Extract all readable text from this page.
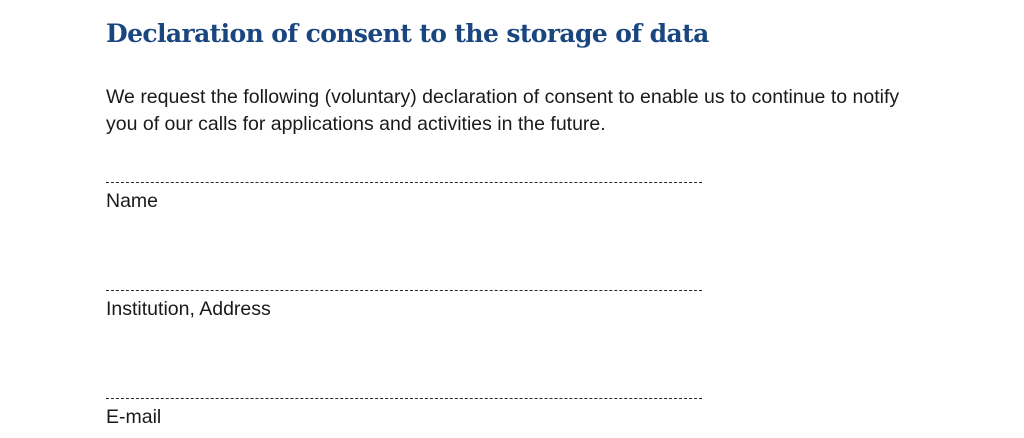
Declaration of consent to the storage of data

We request the following (voluntary) declaration of consent to enable us to continue to notify you of our calls for applications and activities in the future.

Name
Institution, Address
E-mail
